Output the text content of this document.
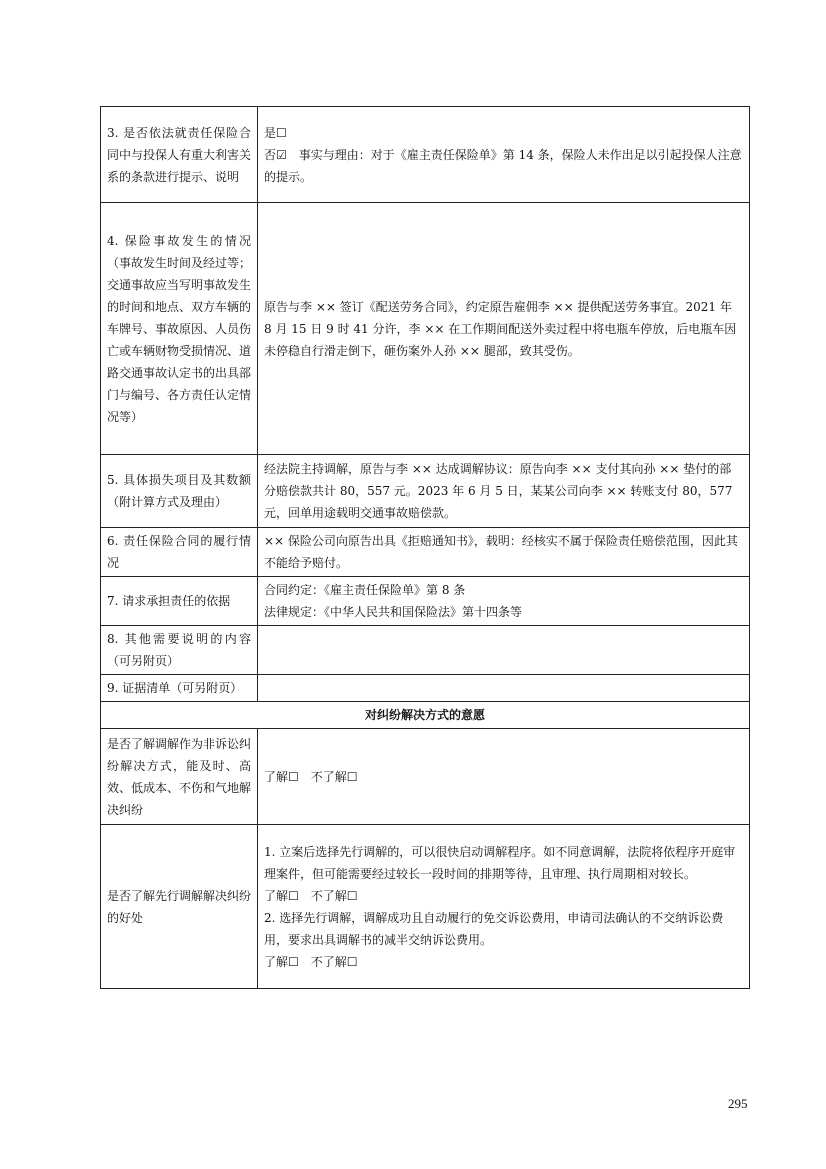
3. 是否依法就责任保险合同中与投保人有重大利害关系的条款进行提示、说明	是☐
否☑　事实与理由：对于《雇主责任保险单》第 14 条，保险人未作出足以引起投保人注意的提示。

4. 保险事故发生的情况（事故发生时间及经过等；交通事故应当写明事故发生的时间和地点、双方车辆的车牌号、事故原因、人员伤亡或车辆财物受损情况、道路交通事故认定书的出具部门与编号、各方责任认定情况等）	原告与李 ×× 签订《配送劳务合同》，约定原告雇佣李 ×× 提供配送劳务事宜。2021 年 8 月 15 日 9 时 41 分许，李 ×× 在工作期间配送外卖过程中将电瓶车停放，后电瓶车因未停稳自行滑走倒下，砸伤案外人孙 ×× 腿部，致其受伤。

5. 具体损失项目及其数额（附计算方式及理由）	经法院主持调解，原告与李 ×× 达成调解协议：原告向李 ×× 支付其向孙 ×× 垫付的部分赔偿款共计 80，557 元。2023 年 6 月 5 日，某某公司向李 ×× 转账支付 80，577 元，回单用途载明交通事故赔偿款。

6. 责任保险合同的履行情况	×× 保险公司向原告出具《拒赔通知书》，载明：经核实不属于保险责任赔偿范围，因此其不能给予赔付。

7. 请求承担责任的依据	合同约定：《雇主责任保险单》第 8 条
法律规定：《中华人民共和国保险法》第十四条等

8. 其他需要说明的内容（可另附页）	
9. 证据清单（可另附页）	
对纠纷解决方式的意愿	
是否了解调解作为非诉讼纠纷解决方式，能及时、高效、低成本、不伤和气地解决纠纷	了解☐　不了解☐

是否了解先行调解解决纠纷的好处	1. 立案后选择先行调解的，可以很快启动调解程序。如不同意调解，法院将依程序开庭审理案件，但可能需要经过较长一段时间的排期等待，且审理、执行周期相对较长。
了解☐　不了解☐
2. 选择先行调解，调解成功且自动履行的免交诉讼费用，申请司法确认的不交纳诉讼费用，要求出具调解书的减半交纳诉讼费用。
了解☐　不了解☐
295
